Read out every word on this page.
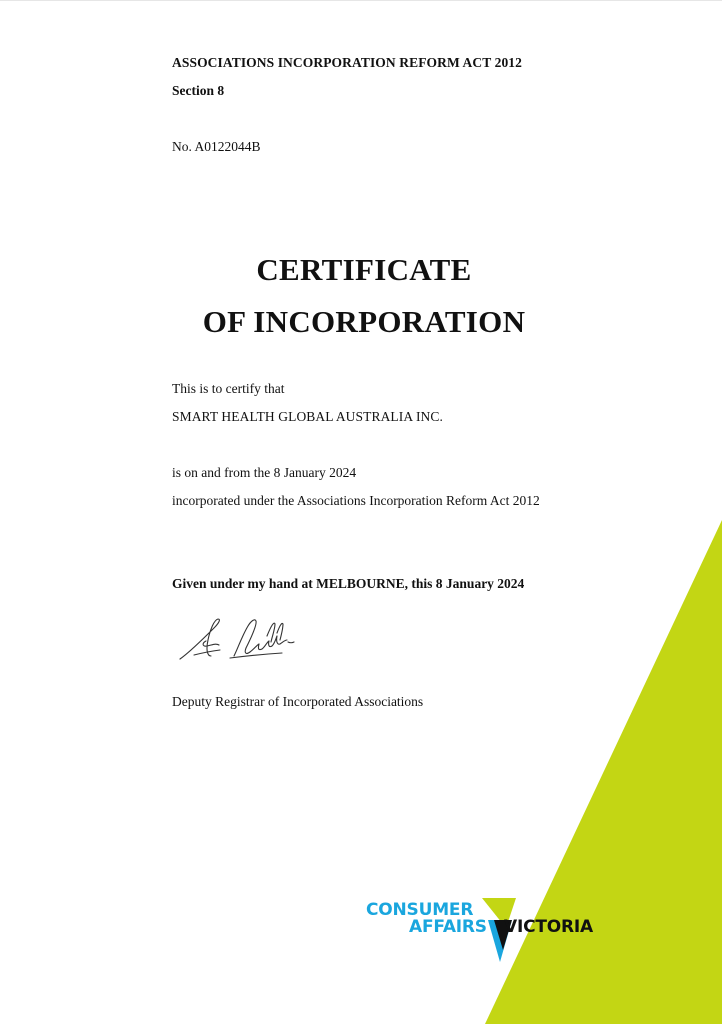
ASSOCIATIONS INCORPORATION REFORM ACT 2012
Section 8
No. A0122044B
CERTIFICATE
OF INCORPORATION
This is to certify that
SMART HEALTH GLOBAL AUSTRALIA INC.
is on and from the 8 January 2024
incorporated under the Associations Incorporation Reform Act 2012
Given under my hand at MELBOURNE, this 8 January 2024
Deputy Registrar of Incorporated Associations
CONSUMER
AFFAIRS VICTORIA
